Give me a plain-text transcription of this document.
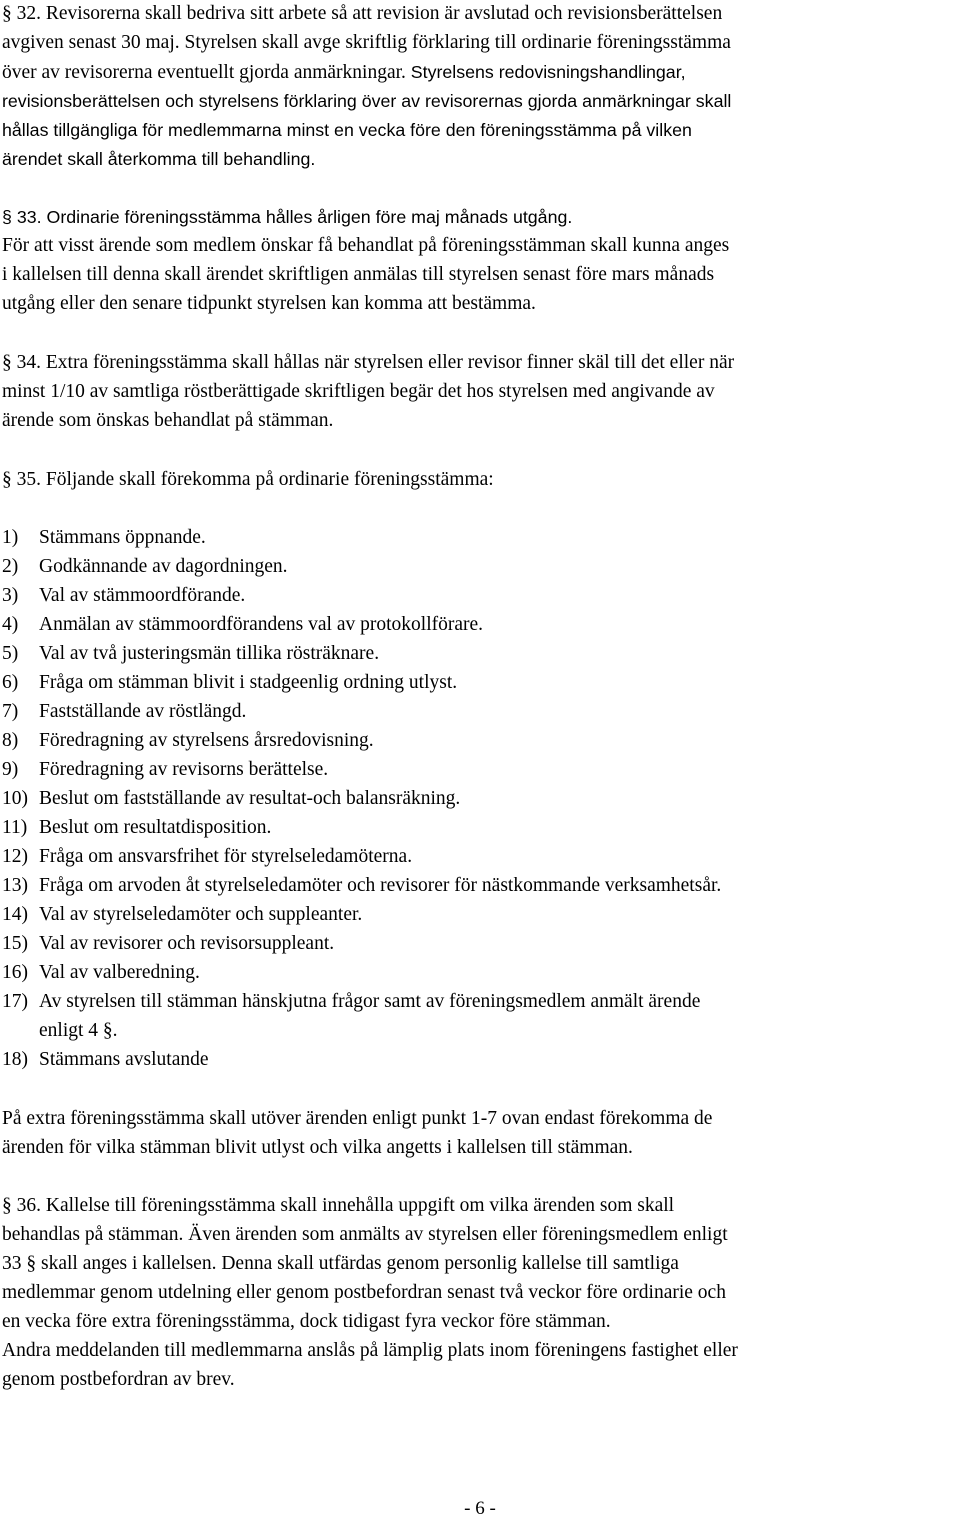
§ 32. Revisorerna skall bedriva sitt arbete så att revision är avslutad och revisionsberättelsen
avgiven senast 30 maj. Styrelsen skall avge skriftlig förklaring till ordinarie föreningsstämma
över av revisorerna eventuellt gjorda anmärkningar. Styrelsens redovisningshandlingar,
revisionsberättelsen och styrelsens förklaring över av revisorernas gjorda anmärkningar skall
hållas tillgängliga för medlemmarna minst en vecka före den föreningsstämma på vilken
ärendet skall återkomma till behandling.
§ 33. Ordinarie föreningsstämma hålles årligen före maj månads utgång.
För att visst ärende som medlem önskar få behandlat på föreningsstämman skall kunna anges
i kallelsen till denna skall ärendet skriftligen anmälas till styrelsen senast före mars månads
utgång eller den senare tidpunkt styrelsen kan komma att bestämma.
§ 34. Extra föreningsstämma skall hållas när styrelsen eller revisor finner skäl till det eller när
minst 1/10 av samtliga röstberättigade skriftligen begär det hos styrelsen med angivande av
ärende som önskas behandlat på stämman.
§ 35. Följande skall förekomma på ordinarie föreningsstämma:
1) Stämmans öppnande.
2) Godkännande av dagordningen.
3) Val av stämmoordförande.
4) Anmälan av stämmoordförandens val av protokollförare.
5) Val av två justeringsmän tillika rösträknare.
6) Fråga om stämman blivit i stadgeenlig ordning utlyst.
7) Fastställande av röstlängd.
8) Föredragning av styrelsens årsredovisning.
9) Föredragning av revisorns berättelse.
10) Beslut om fastställande av resultat-och balansräkning.
11) Beslut om resultatdisposition.
12) Fråga om ansvarsfrihet för styrelseledamöterna.
13) Fråga om arvoden åt styrelseledamöter och revisorer för nästkommande verksamhetsår.
14) Val av styrelseledamöter och suppleanter.
15) Val av revisorer och revisorsuppleant.
16) Val av valberedning.
17) Av styrelsen till stämman hänskjutna frågor samt av föreningsmedlem anmält ärende
enligt 4 §.
18) Stämmans avslutande
På extra föreningsstämma skall utöver ärenden enligt punkt 1-7 ovan endast förekomma de
ärenden för vilka stämman blivit utlyst och vilka angetts i kallelsen till stämman.
§ 36. Kallelse till föreningsstämma skall innehålla uppgift om vilka ärenden som skall
behandlas på stämman. Även ärenden som anmälts av styrelsen eller föreningsmedlem enligt
33 § skall anges i kallelsen. Denna skall utfärdas genom personlig kallelse till samtliga
medlemmar genom utdelning eller genom postbefordran senast två veckor före ordinarie och
en vecka före extra föreningsstämma, dock tidigast fyra veckor före stämman.
Andra meddelanden till medlemmarna anslås på lämplig plats inom föreningens fastighet eller
genom postbefordran av brev.
- 6 -
